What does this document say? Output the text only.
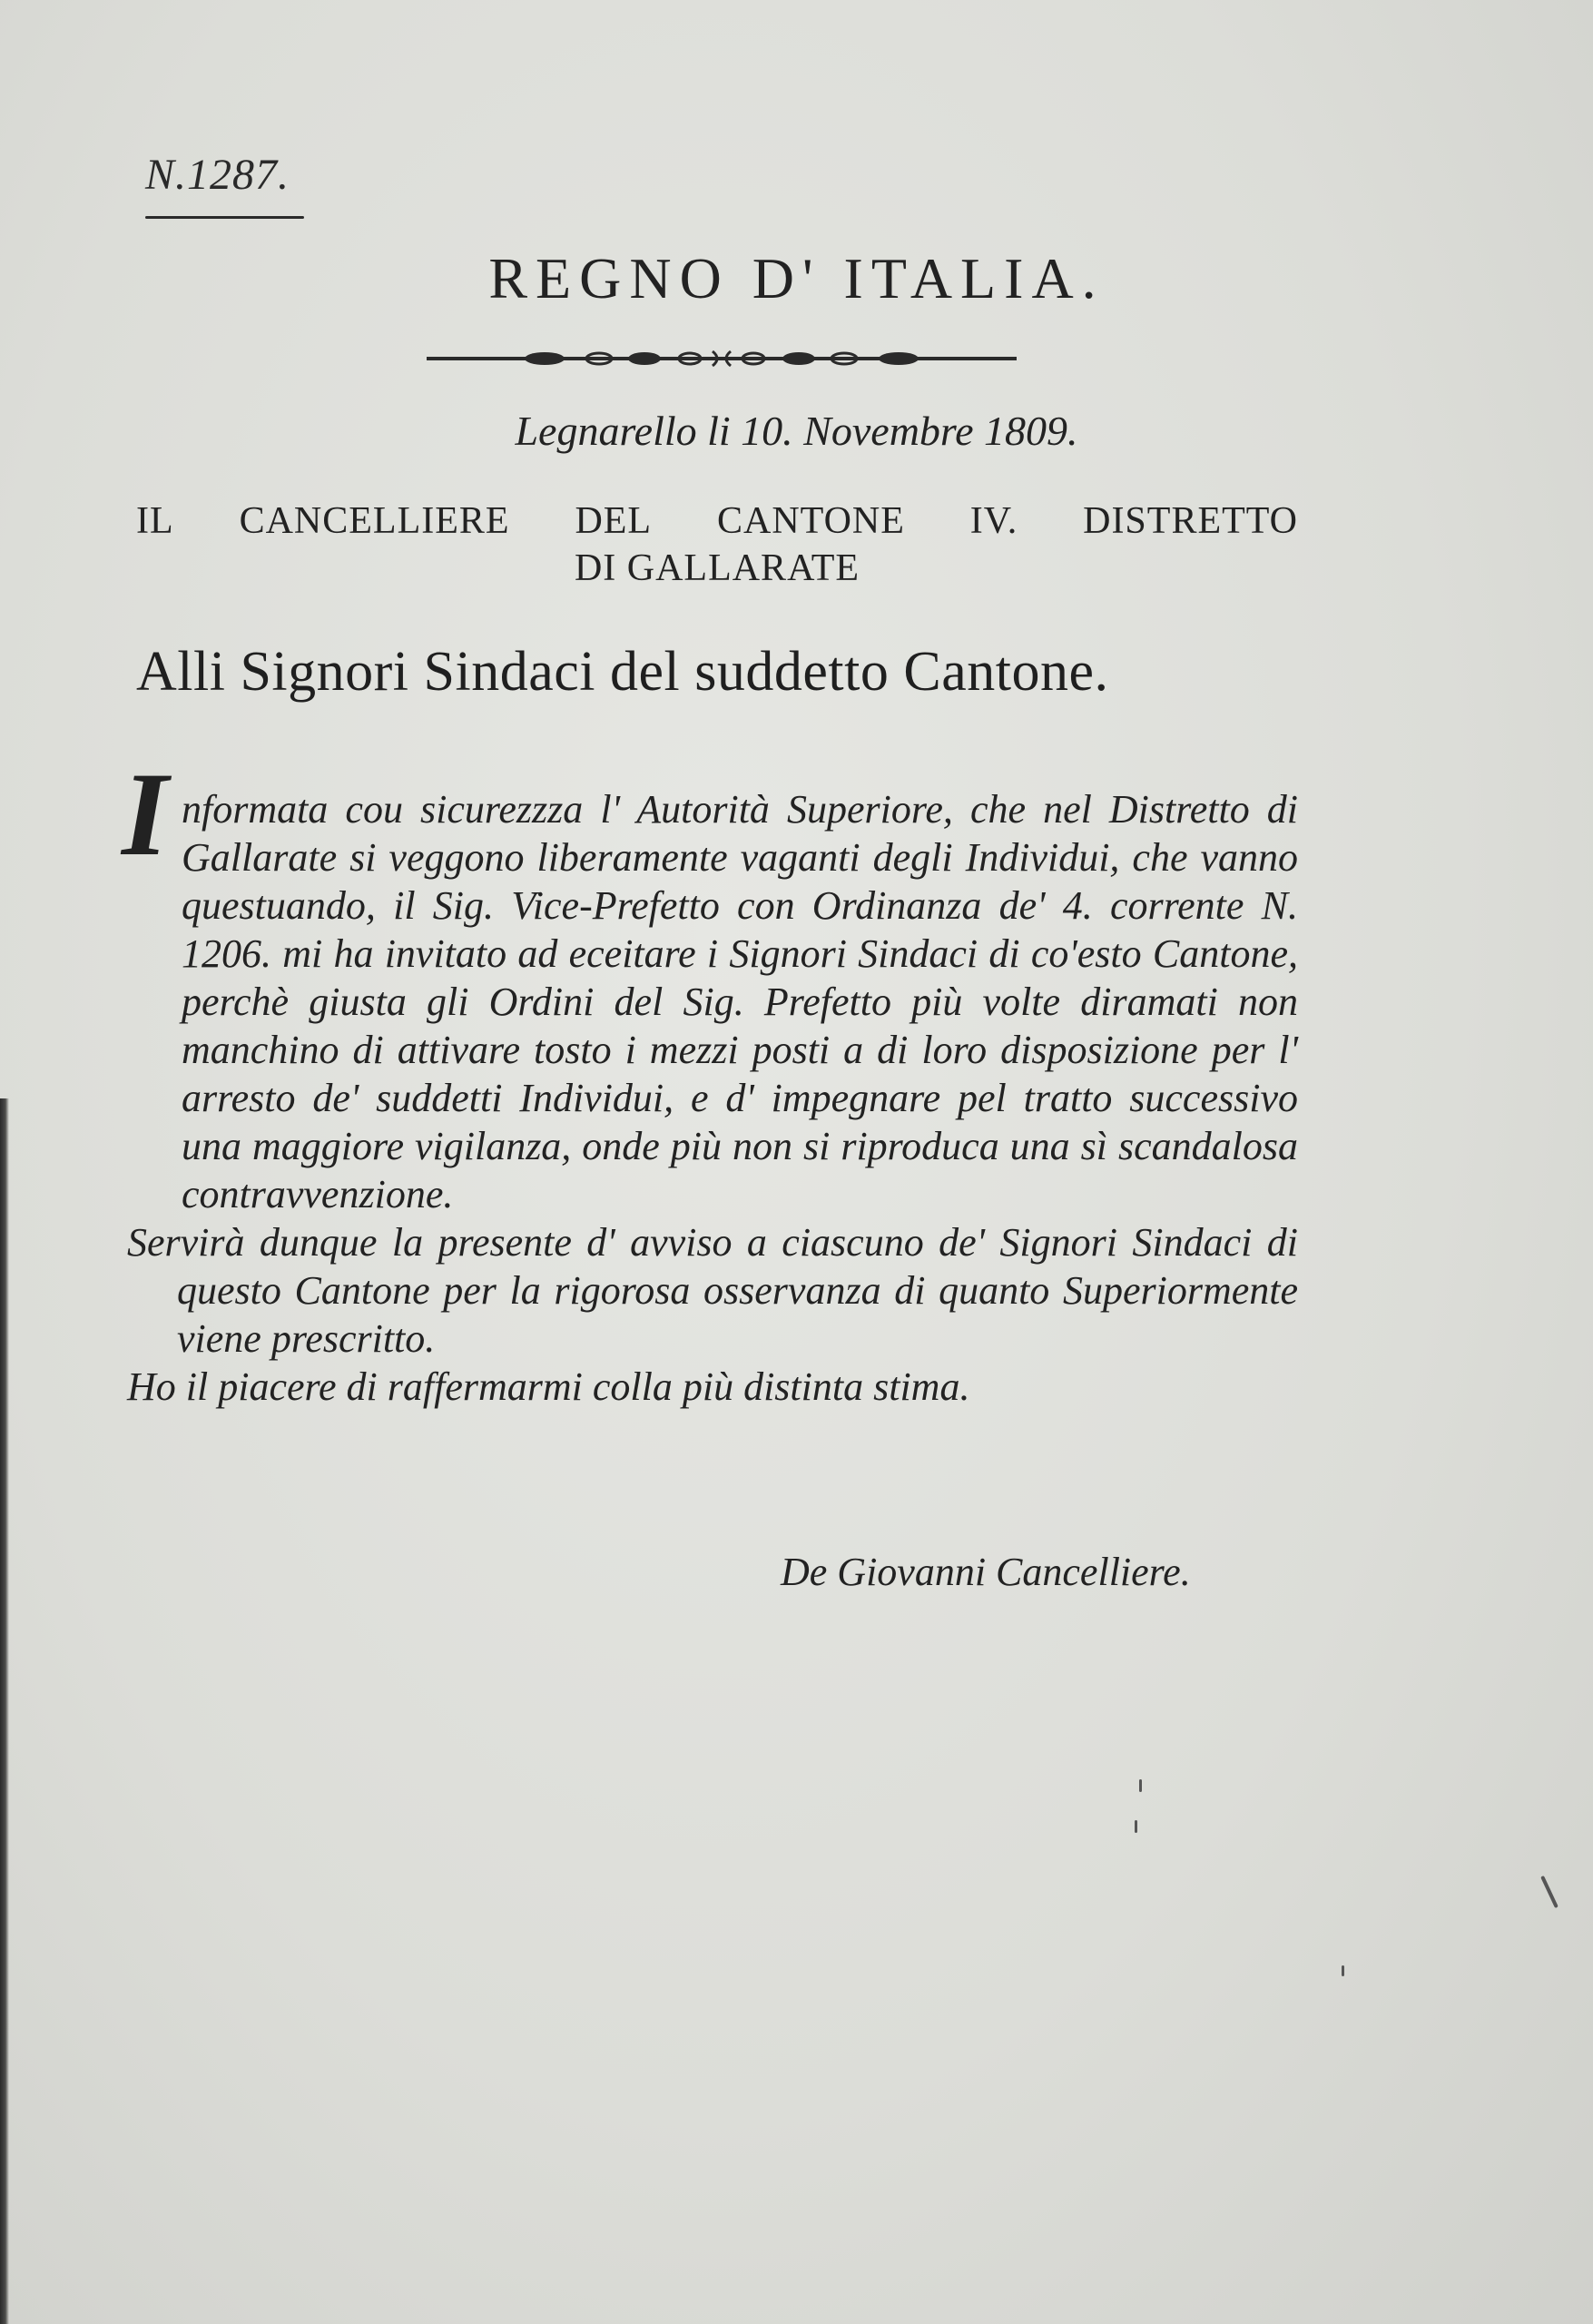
N.1287.
REGNO D' ITALIA.
Legnarello li 10. Novembre 1809.
IL CANCELLIERE DEL CANTONE IV. DISTRETTO
DI GALLARATE
Alli Signori Sindaci del suddetto Cantone.
I nformata cou sicurezzza l' Autorità Superiore, che nel Distretto di Gallarate si veggono liberamente vaganti degli Individui, che vanno questuando, il Sig. Vice-Prefetto con Ordinanza de' 4. corrente N. 1206. mi ha invitato ad eceitare i Signori Sindaci di co'esto Cantone, perchè giusta gli Ordini del Sig. Prefetto più volte diramati non manchino di attivare tosto i mezzi posti a di loro disposizione per l' arresto de' suddetti Individui, e d' impegnare pel tratto successivo una maggiore vigilanza, onde più non si riproduca una sì scandalosa contravvenzione.
Servirà dunque la presente d' avviso a ciascuno de' Signori Sindaci di questo Cantone per la rigorosa osservanza di quanto Superiormente viene prescritto.
Ho il piacere di raffermarmi colla più distinta stima.
De Giovanni Cancelliere.
